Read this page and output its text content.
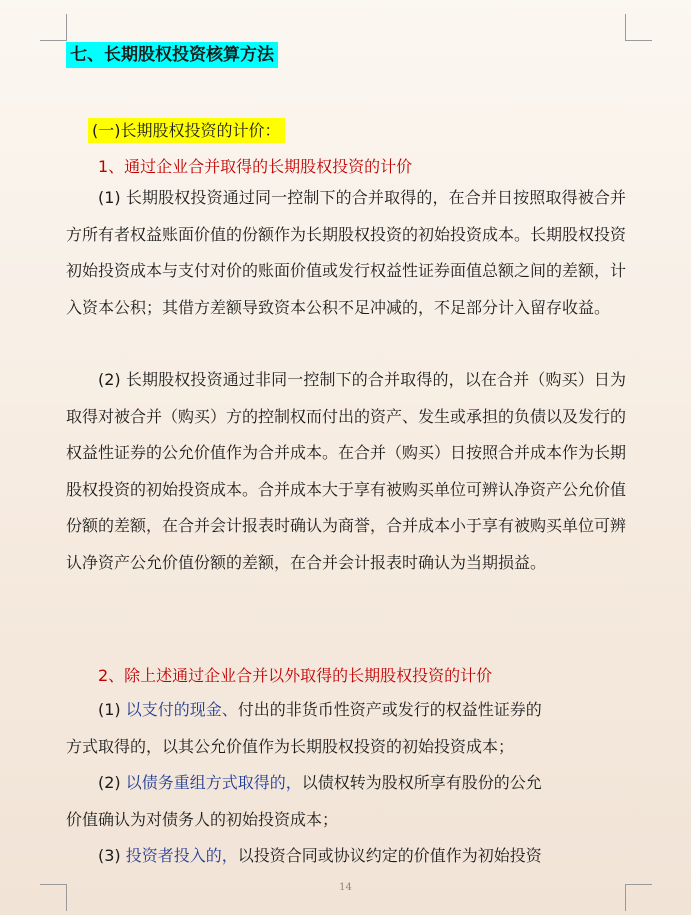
七、长期股权投资核算方法
(一)长期股权投资的计价：
1、通过企业合并取得的长期股权投资的计价

(1) 长期股权投资通过同一控制下的合并取得的，在合并日按照取得被合并方所有者权益账面价值的份额作为长期股权投资的初始投资成本。长期股权投资初始投资成本与支付对价的账面价值或发行权益性证券面值总额之间的差额，计入资本公积；其借方差额导致资本公积不足冲减的，不足部分计入留存收益。

(2) 长期股权投资通过非同一控制下的合并取得的，以在合并（购买）日为取得对被合并（购买）方的控制权而付出的资产、发生或承担的负债以及发行的权益性证券的公允价值作为合并成本。在合并（购买）日按照合并成本作为长期股权投资的初始投资成本。合并成本大于享有被购买单位可辨认净资产公允价值份额的差额，在合并会计报表时确认为商誉，合并成本小于享有被购买单位可辨认净资产公允价值份额的差额，在合并会计报表时确认为当期损益。

2、除上述通过企业合并以外取得的长期股权投资的计价
(1) 以支付的现金、付出的非货币性资产或发行的权益性证券的
方式取得的，以其公允价值作为长期股权投资的初始投资成本；
(2) 以债务重组方式取得的，以债权转为股权所享有股份的公允
价值确认为对债务人的初始投资成本；
(3) 投资者投入的，以投资合同或协议约定的价值作为初始投资
14
